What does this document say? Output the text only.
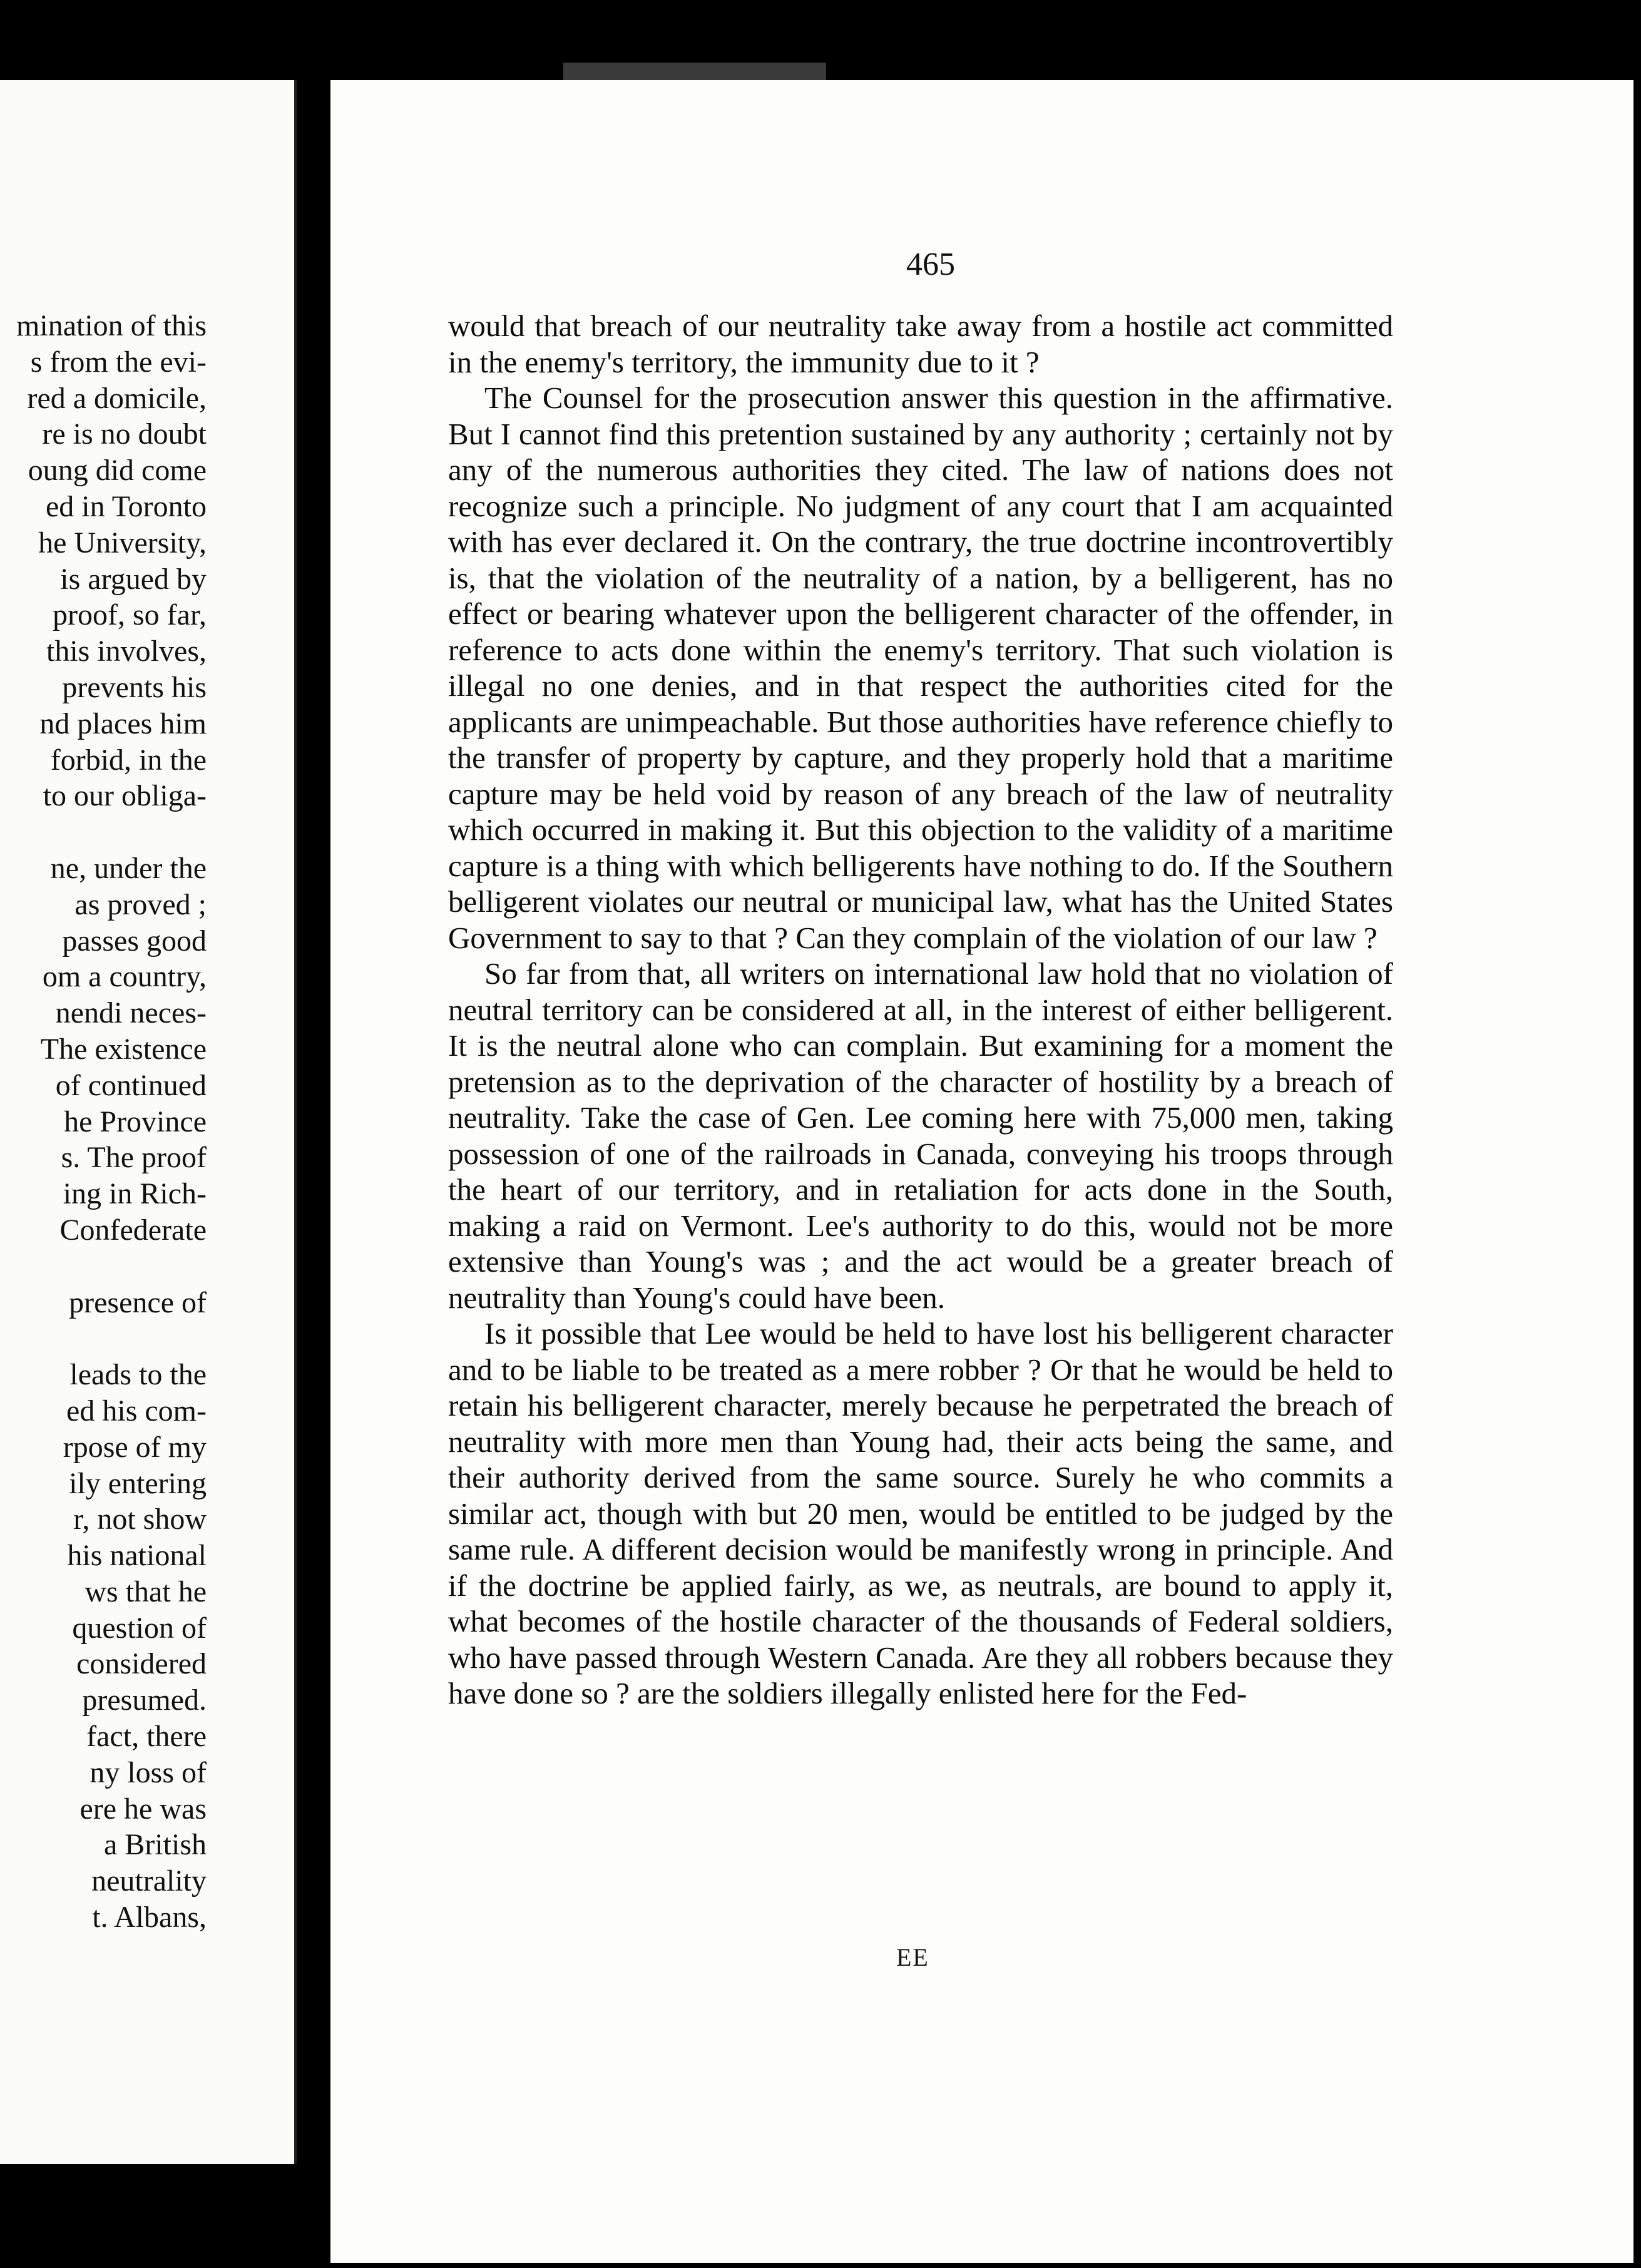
mination of this
s from the evi-
red a domicile,
re is no doubt
oung did come
ed in Toronto
he University,
is argued by
proof, so far,
this involves,
prevents his
nd places him
forbid, in the
to our obliga-
ne, under the
as proved ;
passes good
om a country,
nendi neces-
The existence
of continued
he Province
s. The proof
ing in Rich-
Confederate
presence of
leads to the
ed his com-
rpose of my
ily entering
r, not show
his national
ws that he
question of
considered
presumed.
fact, there
ny loss of
ere he was
a British
neutrality
t. Albans,
465

would that breach of our neutrality take away from a hostile act committed in the enemy's territory, the immunity due to it ?

The Counsel for the prosecution answer this question in the affirmative. But I cannot find this pretention sustained by any authority ; certainly not by any of the numerous authorities they cited. The law of nations does not recognize such a principle. No judgment of any court that I am acquainted with has ever declared it. On the contrary, the true doctrine incontrovertibly is, that the violation of the neutrality of a nation, by a belligerent, has no effect or bearing whatever upon the belligerent character of the offender, in reference to acts done within the enemy's territory. That such violation is illegal no one denies, and in that respect the authorities cited for the applicants are unimpeachable. But those authorities have reference chiefly to the transfer of property by capture, and they properly hold that a maritime capture may be held void by reason of any breach of the law of neutrality which occurred in making it. But this objection to the validity of a maritime capture is a thing with which belligerents have nothing to do. If the Southern belligerent violates our neutral or municipal law, what has the United States Government to say to that ? Can they complain of the violation of our law ?

So far from that, all writers on international law hold that no violation of neutral territory can be considered at all, in the interest of either belligerent. It is the neutral alone who can complain. But examining for a moment the pretension as to the deprivation of the character of hostility by a breach of neutrality. Take the case of Gen. Lee coming here with 75,000 men, taking possession of one of the railroads in Canada, conveying his troops through the heart of our territory, and in retaliation for acts done in the South, making a raid on Vermont. Lee's authority to do this, would not be more extensive than Young's was ; and the act would be a greater breach of neutrality than Young's could have been.

Is it possible that Lee would be held to have lost his belligerent character and to be liable to be treated as a mere robber ? Or that he would be held to retain his belligerent character, merely because he perpetrated the breach of neutrality with more men than Young had, their acts being the same, and their authority derived from the same source. Surely he who commits a similar act, though with but 20 men, would be entitled to be judged by the same rule. A different decision would be manifestly wrong in principle. And if the doctrine be applied fairly, as we, as neutrals, are bound to apply it, what becomes of the hostile character of the thousands of Federal soldiers, who have passed through Western Canada. Are they all robbers because they have done so ? are the soldiers illegally enlisted here for the Fed-

EE
